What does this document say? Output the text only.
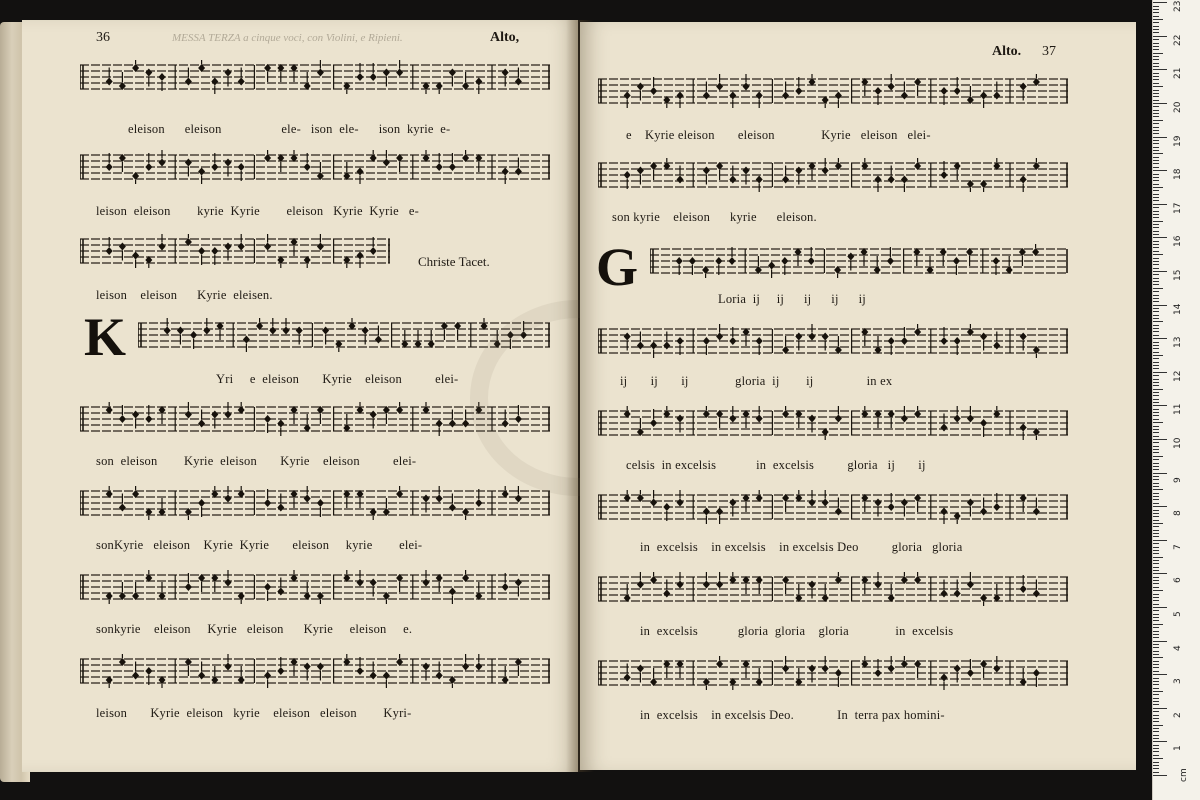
36	MESSA TERZA a cinque voci, con Violini, e Ripieni.	Alto,
eleison      eleison                  ele-   ison  ele-      ison  kyrie  e-
leison  eleison        kyrie  Kyrie        eleison   Kyrie  Kyrie   e-
Christe Tacet.
leison    eleison      Kyrie  eleisen.
K
Yri     e  eleison       Kyrie    eleison          elei-
son  eleison        Kyrie  eleison       Kyrie    eleison          elei-
sonKyrie   eleison    Kyrie  Kyrie       eleison     kyrie        elei-
sonkyrie    eleison     Kyrie   eleison      Kyrie     eleison     e.
leison       Kyrie  eleison   kyrie    eleison   eleison        Kyri-
Alto. 37
e    Kyrie eleison       eleison              Kyrie   eleison   elei-
son kyrie    eleison      kyrie      eleison.
G
Loria  ij     ij      ij      ij      ij
ij       ij       ij              gloria  ij        ij                in ex
celsis  in excelsis            in  excelsis          gloria   ij       ij
in  excelsis    in excelsis    in excelsis Deo          gloria   gloria
in  excelsis            gloria  gloria    gloria              in  excelsis
in  excelsis    in excelsis Deo.             In  terra pax homini-
cm
23
22
21
20
19
18
17
16
15
14
13
12
11
10
9
8
7
6
5
4
3
2
1
